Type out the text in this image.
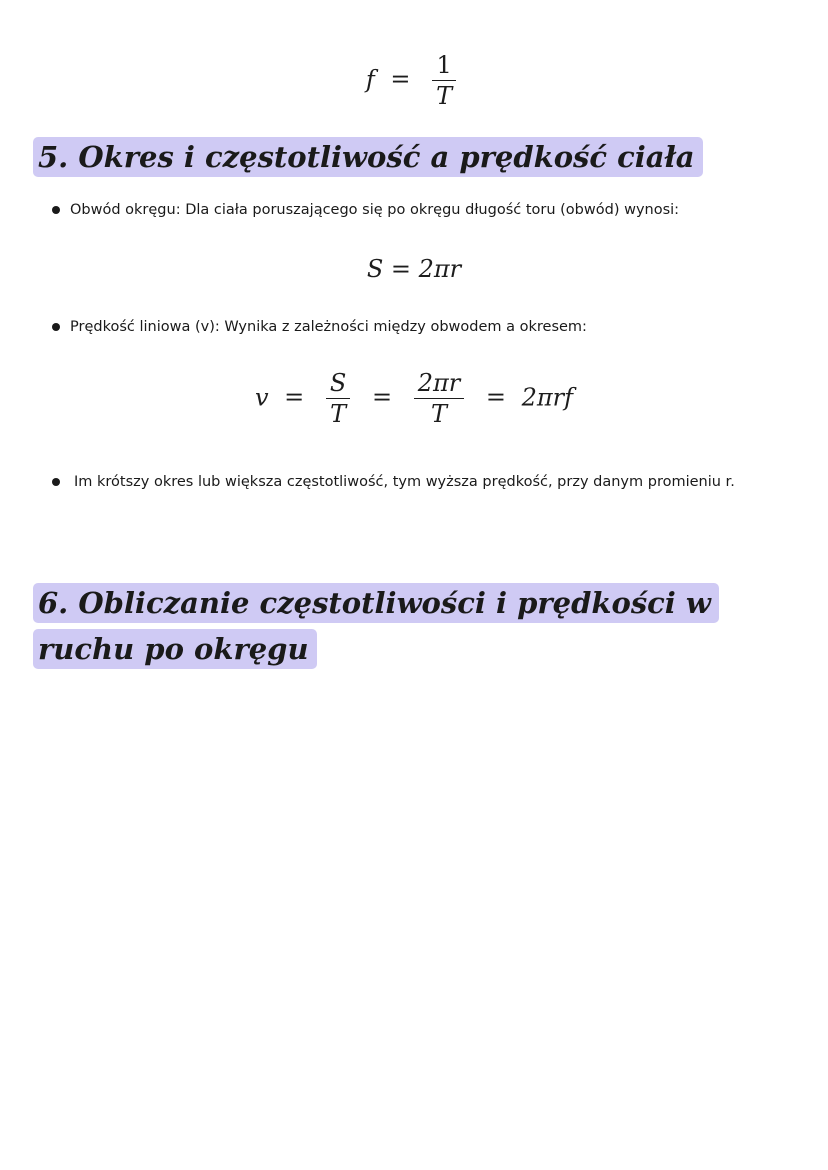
$f = \frac{1}{T}$
5. Okres i częstotliwość a prędkość ciała
Obwód okręgu: Dla ciała poruszającego się po okręgu długość toru (obwód) wynosi:
S = 2πr
Prędkość liniowa (v): Wynika z zależności między obwodem a okresem:
$v = \frac{S}{T} = \frac{2\pi r}{T} = 2\pi rf$
Im krótszy okres lub większa częstotliwość, tym wyższa prędkość, przy danym promieniu r.
6. Obliczanie częstotliwości i prędkości w ruchu po okręgu
